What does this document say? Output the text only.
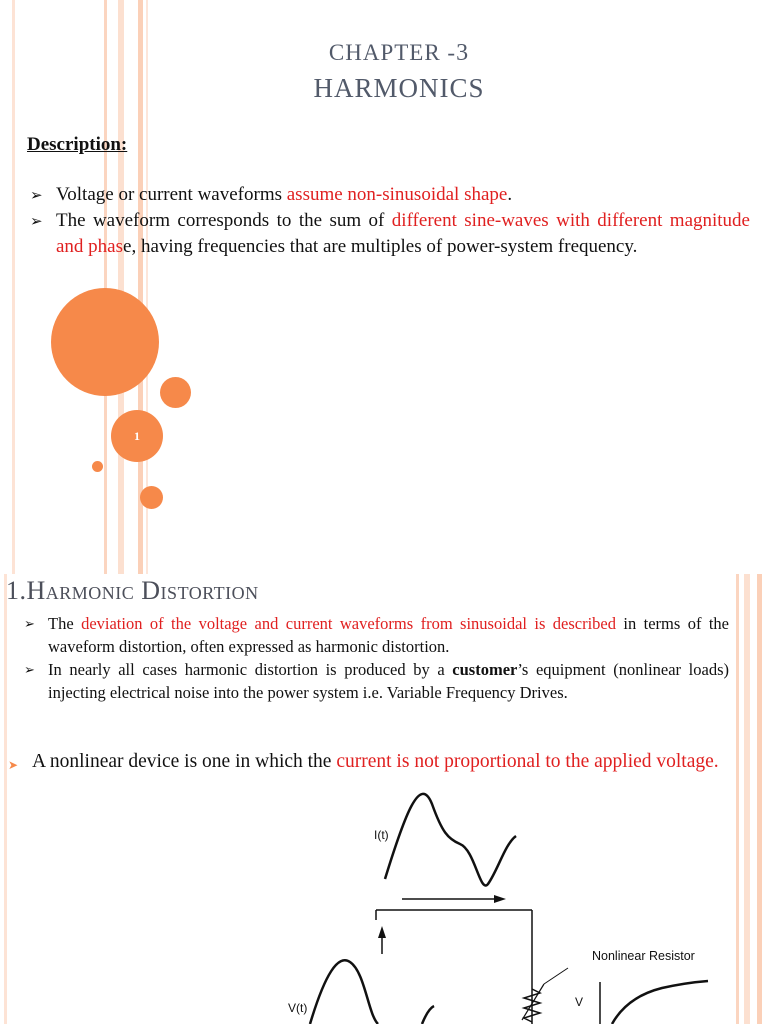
1
CHAPTER -3
HARMONICS
Description:
➢ Voltage or current waveforms assume non-sinusoidal shape.
➢ The waveform corresponds to the sum of different sine-waves with different magnitude and phase, having frequencies that are multiples of power-system frequency.
1.Harmonic Distortion
➢ The deviation of the voltage and current waveforms from sinusoidal is described in terms of the waveform distortion, often expressed as harmonic distortion.
➢ In nearly all cases harmonic distortion is produced by a customer’s equipment (nonlinear loads) injecting electrical noise into the power system i.e. Variable Frequency Drives.
➤ A nonlinear device is one in which the current is not proportional to the applied voltage.
I(t)
V(t)
Nonlinear Resistor
V
